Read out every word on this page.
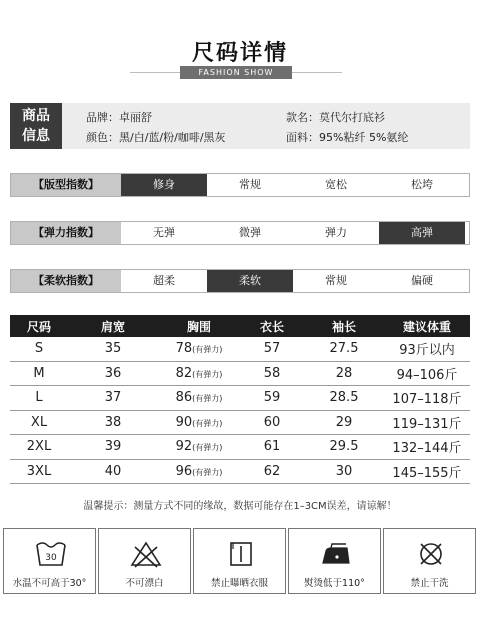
尺码详情
FASHION SHOW
商品
信息
品牌：卓丽舒
颜色：黑/白/蓝/粉/咖啡/黑灰
款名：莫代尔打底衫
面料：95%粘纤 5%氨纶
【版型指数】	修身	常规	宽松	松垮
【弹力指数】	无弹	微弹	弹力	高弹
【柔软指数】	超柔	柔软	常规	偏硬
尺码	肩宽	胸围	衣长	袖长	建议体重
S	35	78(有弹力)	57	27.5	93斤以内
M	36	82(有弹力)	58	28	94–106斤
L	37	86(有弹力)	59	28.5	107–118斤
XL	38	90(有弹力)	60	29	119–131斤
2XL	39	92(有弹力)	61	29.5	132–144斤
3XL	40	96(有弹力)	62	30	145–155斤
温馨提示：测量方式不同的缘故，数据可能存在1–3CM误差，请谅解！
30
水温不可高于30°	不可漂白	禁止曝晒衣服	熨烫低于110°	禁止干洗
